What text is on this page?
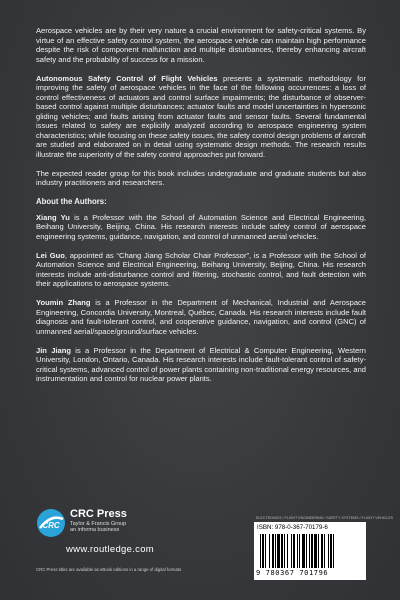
Aerospace vehicles are by their very nature a crucial environment for safety-critical systems. By virtue of an effective safety control system, the aerospace vehicle can maintain high performance despite the risk of component malfunction and multiple disturbances, thereby enhancing aircraft safety and the probability of success for a mission.

Autonomous Safety Control of Flight Vehicles presents a systematic methodology for improving the safety of aerospace vehicles in the face of the following occurrences: a loss of control effectiveness of actuators and control surface impairments; the disturbance of observer-based control against multiple disturbances; actuator faults and model uncertainties in hypersonic gliding vehicles; and faults arising from actuator faults and sensor faults. Several fundamental issues related to safety are explicitly analyzed according to aerospace engineering system characteristics; while focusing on these safety issues, the safety control design problems of aircraft are studied and elaborated on in detail using systematic design methods. The research results illustrate the superiority of the safety control approaches put forward.

The expected reader group for this book includes undergraduate and graduate students but also industry practitioners and researchers.

About the Authors:

Xiang Yu is a Professor with the School of Automation Science and Electrical Engineering, Beihang University, Beijing, China. His research interests include safety control of aerospace engineering systems, guidance, navigation, and control of unmanned aerial vehicles.

Lei Guo, appointed as “Chang Jiang Scholar Chair Professor”, is a Professor with the School of Automation Science and Electrical Engineering, Beihang University, Beijing, China. His research interests include anti-disturbance control and filtering, stochastic control, and fault detection with their applications to aerospace systems.

Youmin Zhang is a Professor in the Department of Mechanical, Industrial and Aerospace Engineering, Concordia University, Montreal, Québec, Canada. His research interests include fault diagnosis and fault-tolerant control, and cooperative guidance, navigation, and control (GNC) of unmanned aerial/space/ground/surface vehicles.

Jin Jiang is a Professor in the Department of Electrical & Computer Engineering, Western University, London, Ontario, Canada. His research interests include fault-tolerant control of safety-critical systems, advanced control of power plants containing non-traditional energy resources, and instrumentation and control for nuclear power plants.

CRC
CRC Press
Taylor & Francis Group
an informa business
www.routledge.com
CRC Press titles are available as eBook editions in a range of digital formats
ELECTRONICS / FLIGHT ENGINEERING / SAFETY SYSTEMS / FLIGHT VEHICLES
ISBN: 978-0-367-70179-6
9 780367 701796
